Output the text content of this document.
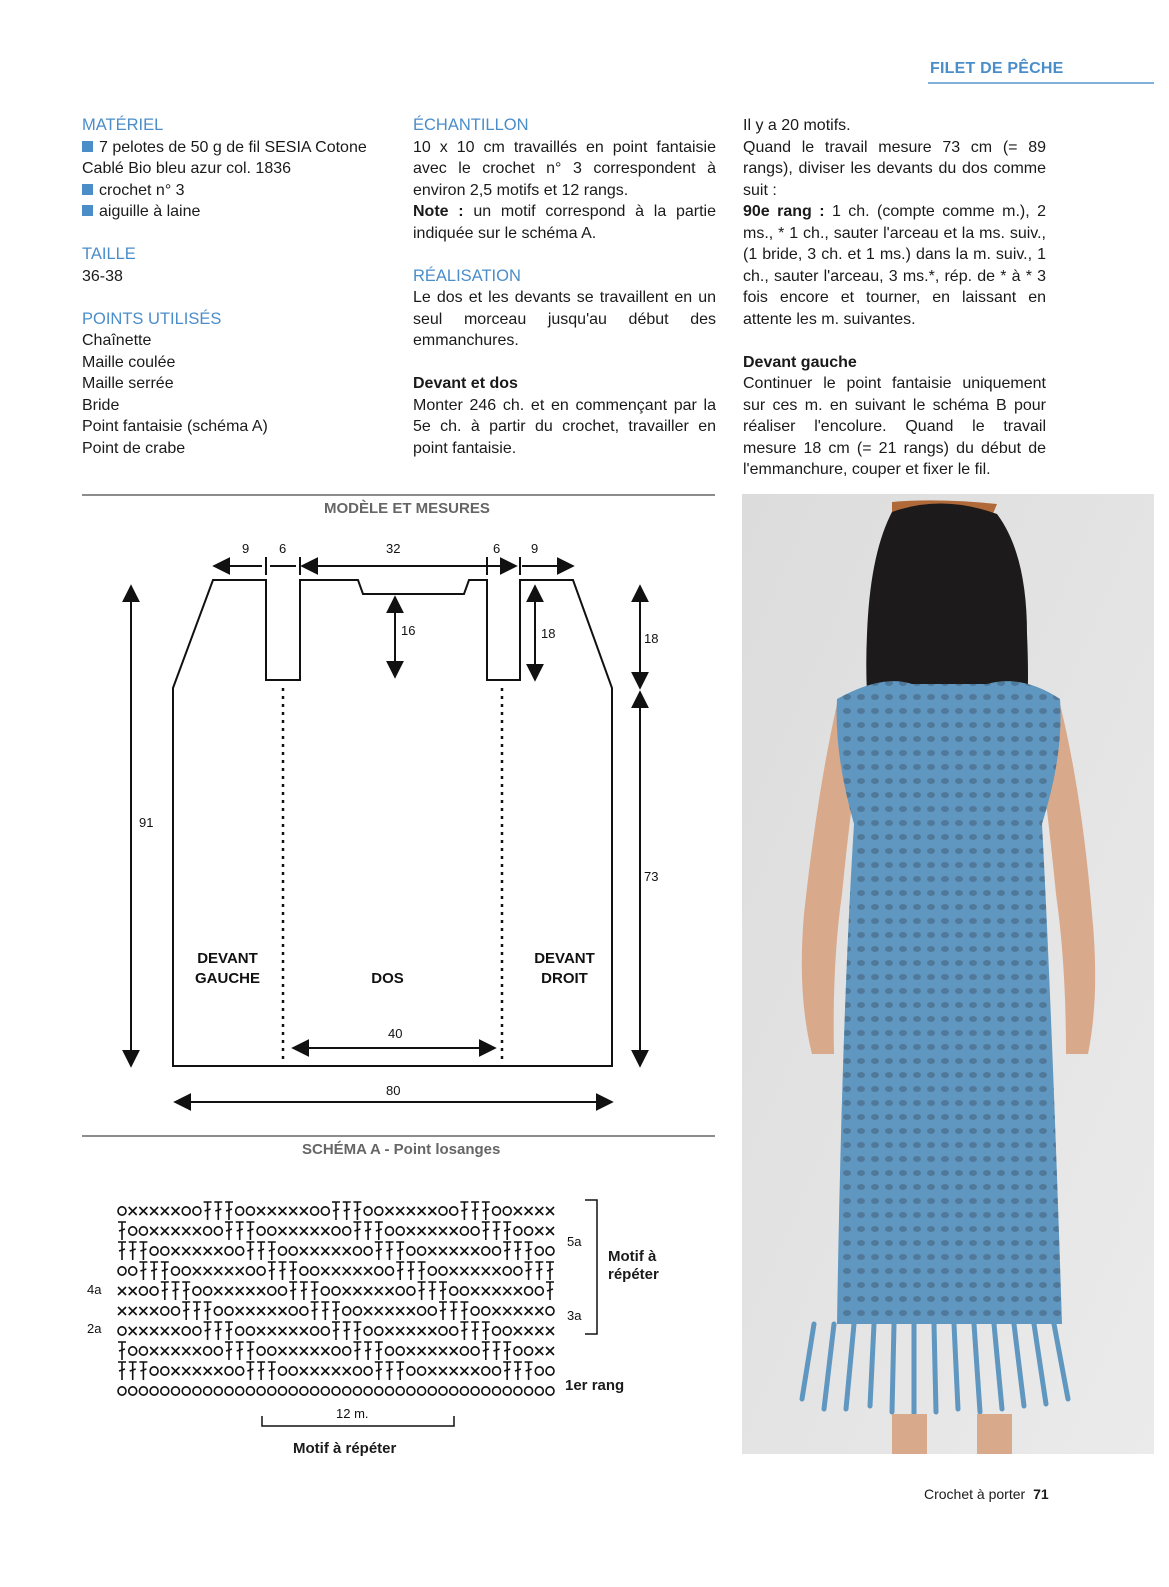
FILET DE PÊCHE

MATÉRIEL

7 pelotes de 50 g de fil SESIA Cotone

Cablé Bio bleu azur col. 1836

crochet n° 3

aiguille à laine

TAILLE

36-38

POINTS UTILISÉS

Chaînette

Maille coulée

Maille serrée

Bride

Point fantaisie (schéma A)

Point de crabe

ÉCHANTILLON

10 x 10 cm travaillés en point fantaisie avec le crochet n° 3 correspondent à environ 2,5 motifs et 12 rangs.

Note : un motif correspond à la partie indiquée sur le schéma A.

RÉALISATION

Le dos et les devants se travaillent en un seul morceau jusqu'au début des emmanchures.

Devant et dos

Monter 246 ch. et en commençant par la 5e ch. à partir du crochet, travailler en point fantaisie.

Il y a 20 motifs.

Quand le travail mesure 73 cm (= 89 rangs), diviser les devants du dos comme suit :

90e rang : 1 ch. (compte comme m.), 2 ms., * 1 ch., sauter l'arceau et la ms. suiv., (1 bride, 3 ch. et 1 ms.) dans la m. suiv., 1 ch., sauter l'arceau, 3 ms.*, rép. de * à * 3 fois encore et tourner, en laissant en attente les m. suivantes.

Devant gauche

Continuer le point fantaisie uniquement sur ces m. en suivant le schéma B pour réaliser l'encolure. Quand le travail mesure 18 cm (= 21 rangs) du début de l'emmanchure, couper et fixer le fil.

MODÈLE ET MESURES
9 6	32	6 9
16	18	18
91
73
40
80
DEVANT
GAUCHE	DOS
DEVANT
DROIT
SCHÉMA A - Point losanges
5a
4a
3a
2a
1er rang
Motif à
répéter
12 m.
Motif à répéter
Crochet à porter 71
